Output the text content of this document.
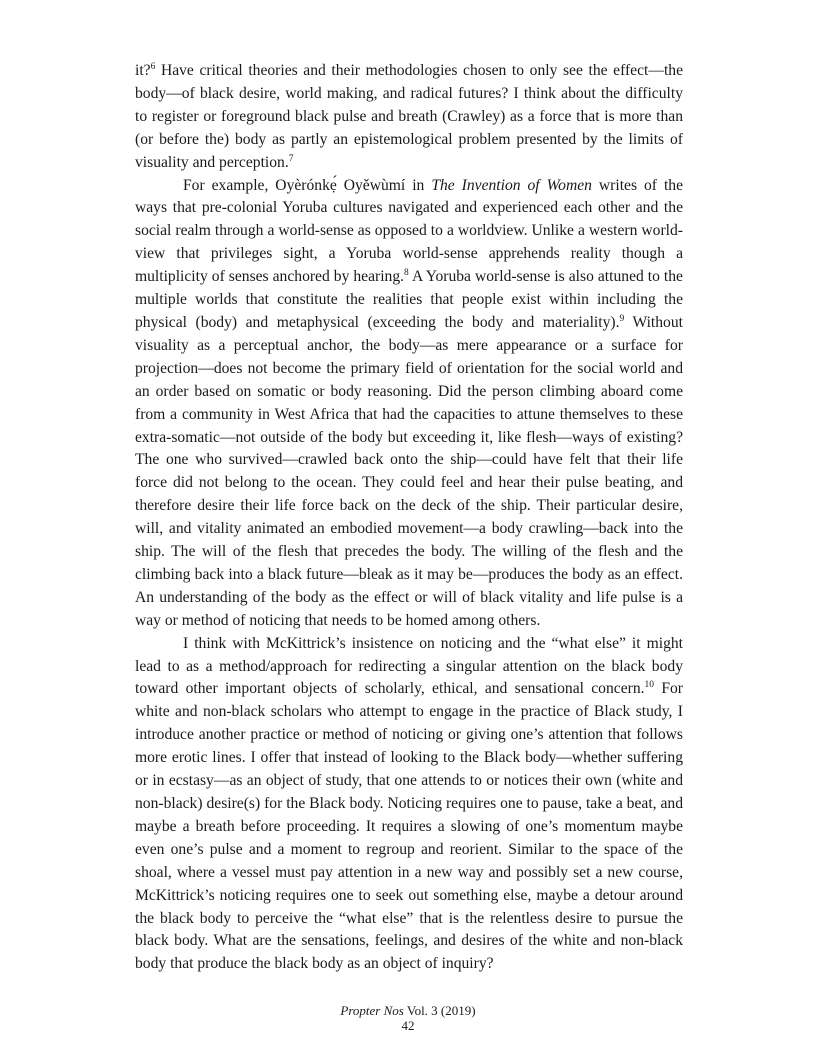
it?$^6$ Have critical theories and their methodologies chosen to only see the effect—the body—of black desire, world making, and radical futures? I think about the difficulty to register or foreground black pulse and breath (Crawley) as a force that is more than (or before the) body as partly an epistemological problem presented by the limits of visuality and perception.$^7$

For example, Oyèrónkẹ́ Oyěwùmí in The Invention of Women writes of the ways that pre-colonial Yoruba cultures navigated and experienced each other and the social realm through a world-sense as opposed to a worldview. Unlike a western world-view that privileges sight, a Yoruba world-sense apprehends reality though a multiplicity of senses anchored by hearing.$^8$ A Yoruba world-sense is also attuned to the multiple worlds that constitute the realities that people exist within including the physical (body) and metaphysical (exceeding the body and materiality).$^9$ Without visuality as a perceptual anchor, the body—as mere appearance or a surface for projection—does not become the primary field of orientation for the social world and an order based on somatic or body reasoning. Did the person climbing aboard come from a community in West Africa that had the capacities to attune themselves to these extra-somatic—not outside of the body but exceeding it, like flesh—ways of existing? The one who survived—crawled back onto the ship—could have felt that their life force did not belong to the ocean. They could feel and hear their pulse beating, and therefore desire their life force back on the deck of the ship. Their particular desire, will, and vitality animated an embodied movement—a body crawling—back into the ship. The will of the flesh that precedes the body. The willing of the flesh and the climbing back into a black future—bleak as it may be—produces the body as an effect. An understanding of the body as the effect or will of black vitality and life pulse is a way or method of noticing that needs to be homed among others.

I think with McKittrick’s insistence on noticing and the “what else” it might lead to as a method/approach for redirecting a singular attention on the black body toward other important objects of scholarly, ethical, and sensational concern.$^{10}$ For white and non-black scholars who attempt to engage in the practice of Black study, I introduce another practice or method of noticing or giving one’s attention that follows more erotic lines. I offer that instead of looking to the Black body—whether suffering or in ecstasy—as an object of study, that one attends to or notices their own (white and non-black) desire(s) for the Black body. Noticing requires one to pause, take a beat, and maybe a breath before proceeding. It requires a slowing of one’s momentum maybe even one’s pulse and a moment to regroup and reorient. Similar to the space of the shoal, where a vessel must pay attention in a new way and possibly set a new course, McKittrick’s noticing requires one to seek out something else, maybe a detour around the black body to perceive the “what else” that is the relentless desire to pursue the black body. What are the sensations, feelings, and desires of the white and non-black body that produce the black body as an object of inquiry?

Propter Nos Vol. 3 (2019)
42
